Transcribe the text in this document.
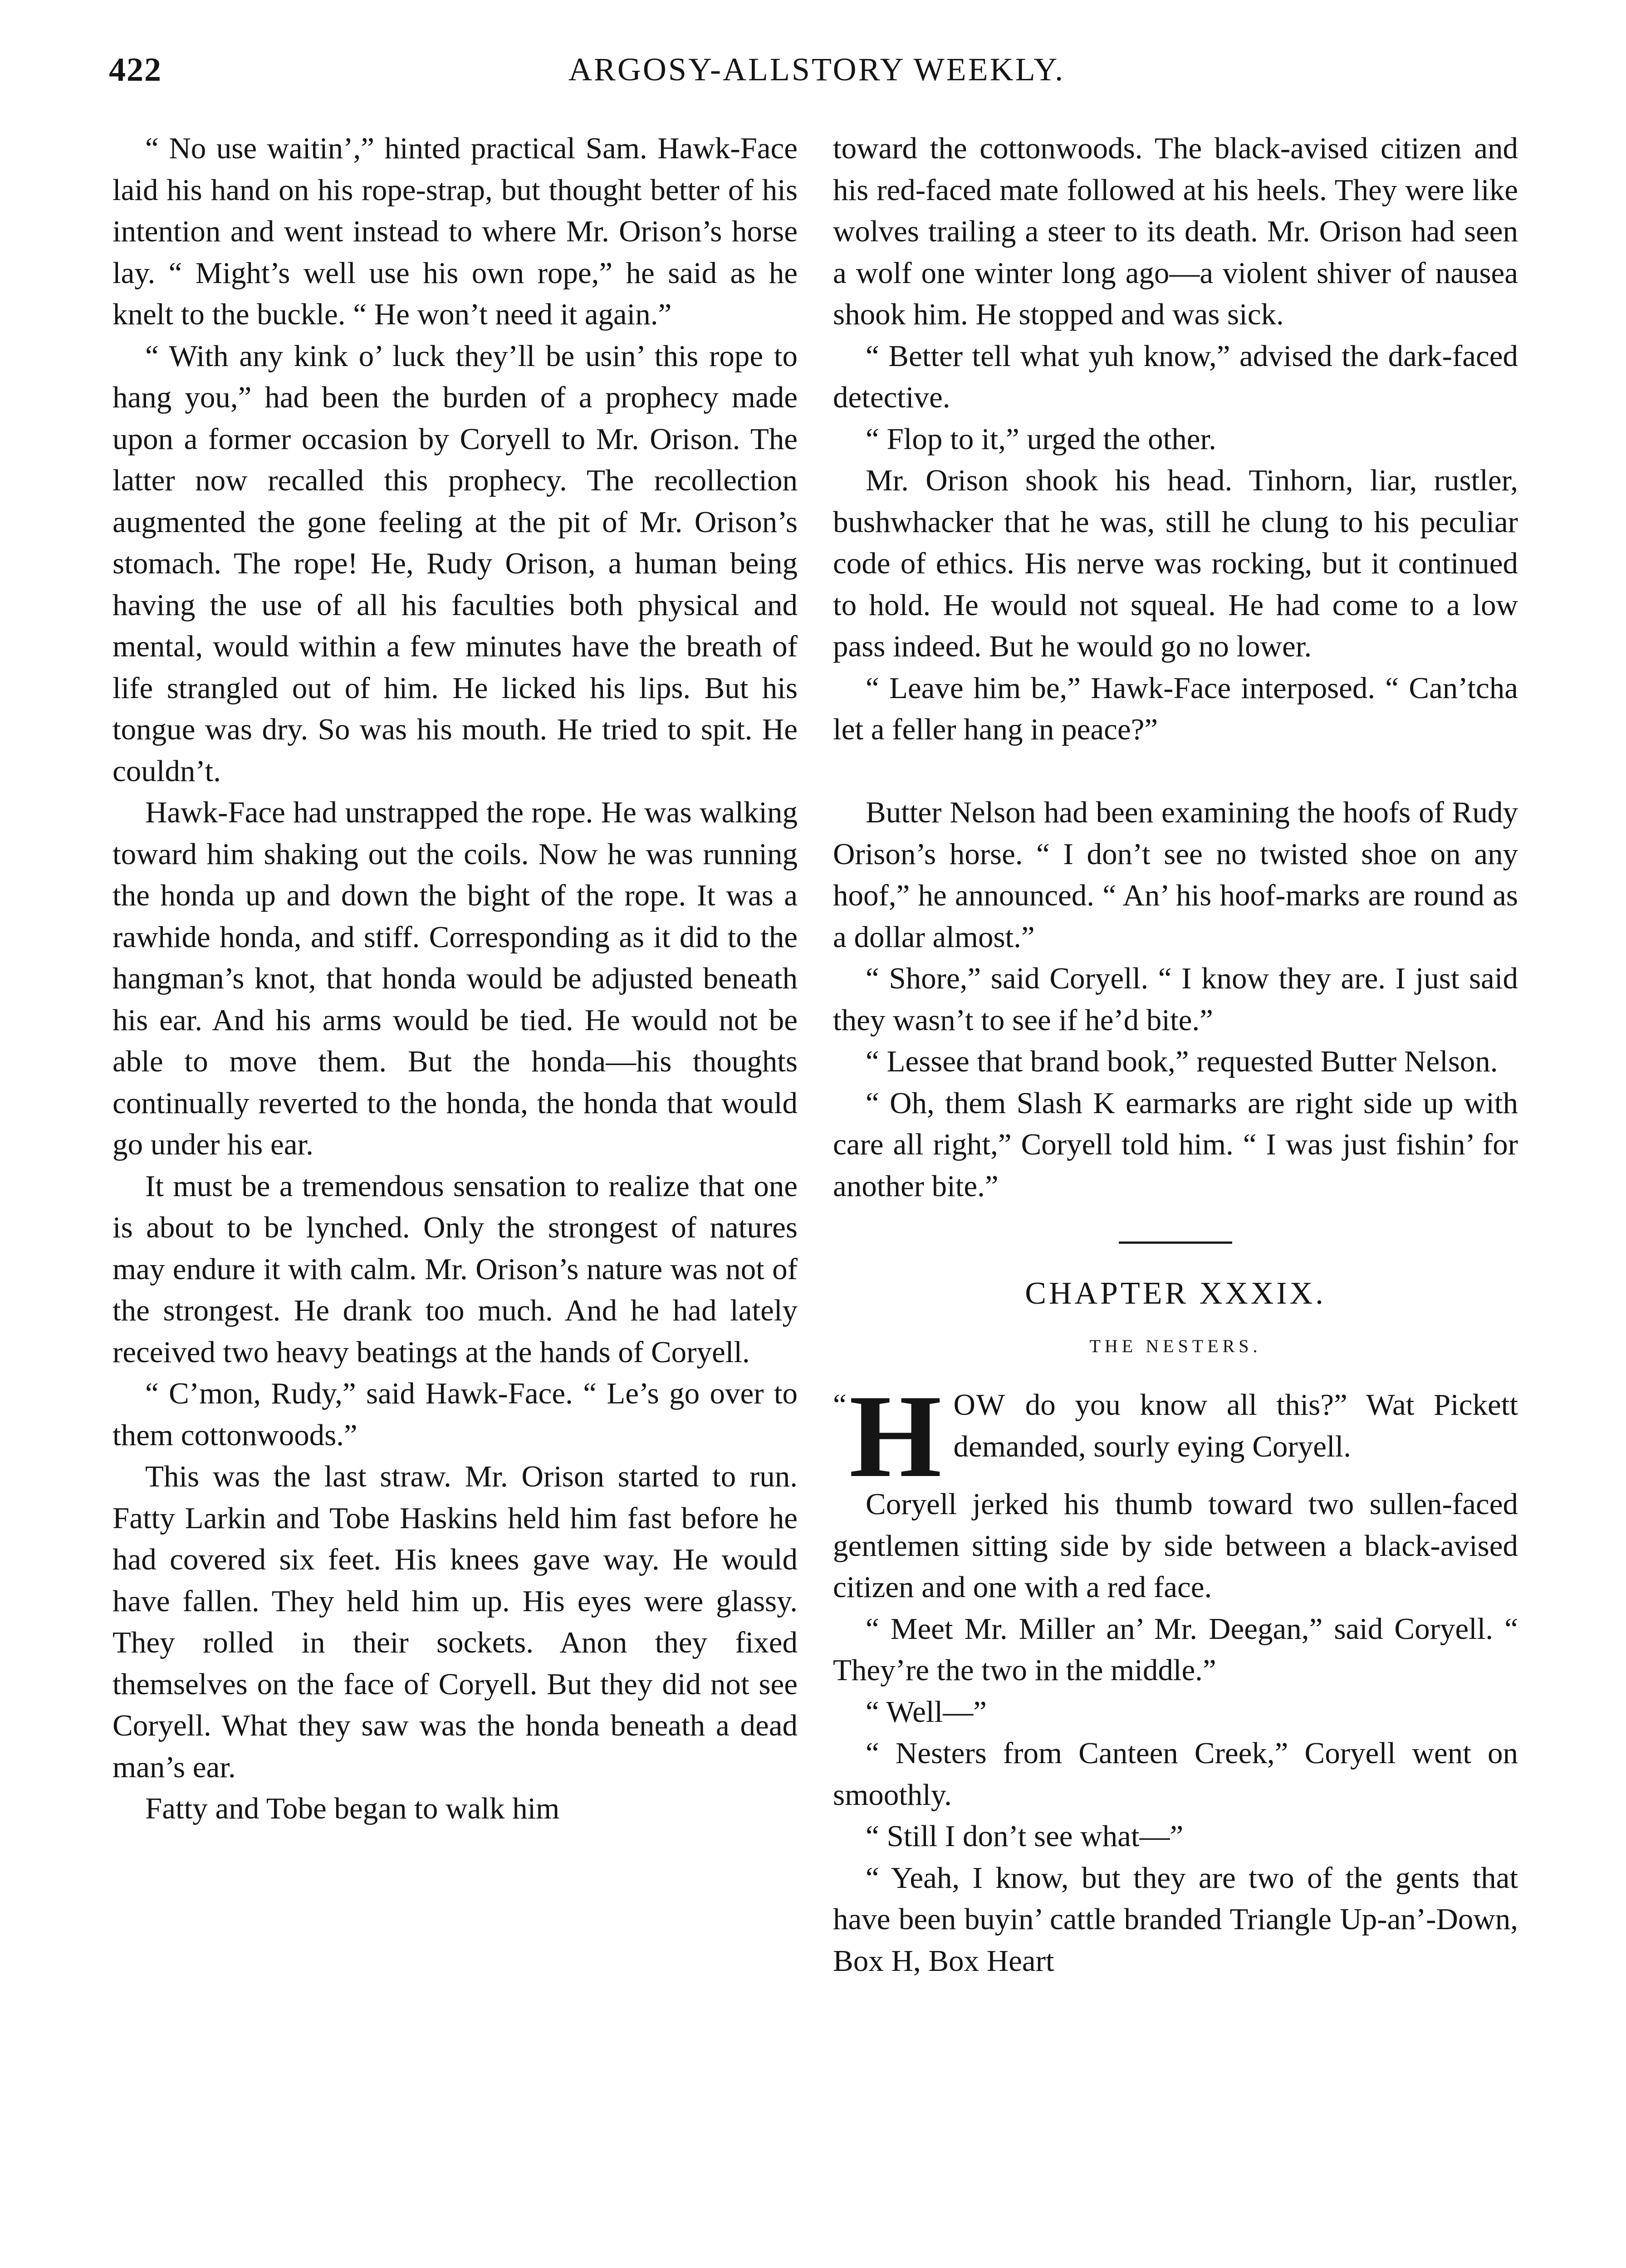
422	ARGOSY-ALLSTORY WEEKLY.

“ No use waitin’,” hinted practical Sam. Hawk-Face laid his hand on his rope-strap, but thought better of his intention and went instead to where Mr. Orison’s horse lay. “ Might’s well use his own rope,” he said as he knelt to the buckle. “ He won’t need it again.”

“ With any kink o’ luck they’ll be usin’ this rope to hang you,” had been the burden of a prophecy made upon a former occasion by Coryell to Mr. Orison. The latter now recalled this prophecy. The recollection augmented the gone feeling at the pit of Mr. Orison’s stomach. The rope! He, Rudy Orison, a human being having the use of all his faculties both physical and mental, would within a few minutes have the breath of life strangled out of him. He licked his lips. But his tongue was dry. So was his mouth. He tried to spit. He couldn’t.

Hawk-Face had unstrapped the rope. He was walking toward him shaking out the coils. Now he was running the honda up and down the bight of the rope. It was a rawhide honda, and stiff. Corresponding as it did to the hangman’s knot, that honda would be adjusted beneath his ear. And his arms would be tied. He would not be able to move them. But the honda—his thoughts continually reverted to the honda, the honda that would go under his ear.

It must be a tremendous sensation to realize that one is about to be lynched. Only the strongest of natures may endure it with calm. Mr. Orison’s nature was not of the strongest. He drank too much. And he had lately received two heavy beatings at the hands of Coryell.

“ C’mon, Rudy,” said Hawk-Face. “ Le’s go over to them cottonwoods.”

This was the last straw. Mr. Orison started to run. Fatty Larkin and Tobe Haskins held him fast before he had covered six feet. His knees gave way. He would have fallen. They held him up. His eyes were glassy. They rolled in their sockets. Anon they fixed themselves on the face of Coryell. But they did not see Coryell. What they saw was the honda beneath a dead man’s ear.

Fatty and Tobe began to walk him

toward the cottonwoods. The black-avised citizen and his red-faced mate followed at his heels. They were like wolves trailing a steer to its death. Mr. Orison had seen a wolf one winter long ago—a violent shiver of nausea shook him. He stopped and was sick.

“ Better tell what yuh know,” advised the dark-faced detective.

“ Flop to it,” urged the other.

Mr. Orison shook his head. Tinhorn, liar, rustler, bushwhacker that he was, still he clung to his peculiar code of ethics. His nerve was rocking, but it continued to hold. He would not squeal. He had come to a low pass indeed. But he would go no lower.

“ Leave him be,” Hawk-Face interposed. “ Can’tcha let a feller hang in peace?”

Butter Nelson had been examining the hoofs of Rudy Orison’s horse. “ I don’t see no twisted shoe on any hoof,” he announced. “ An’ his hoof-marks are round as a dollar almost.”

“ Shore,” said Coryell. “ I know they are. I just said they wasn’t to see if he’d bite.”

“ Lessee that brand book,” requested Butter Nelson.

“ Oh, them Slash K earmarks are right side up with care all right,” Coryell told him. “ I was just fishin’ for another bite.”

CHAPTER XXXIX.
THE NESTERS.

“ H OW do you know all this?” Wat Pickett demanded, sourly eying Coryell.

Coryell jerked his thumb toward two sullen-faced gentlemen sitting side by side between a black-avised citizen and one with a red face.

“ Meet Mr. Miller an’ Mr. Deegan,” said Coryell. “ They’re the two in the middle.”

“ Well—”

“ Nesters from Canteen Creek,” Coryell went on smoothly.

“ Still I don’t see what—”

“ Yeah, I know, but they are two of the gents that have been buyin’ cattle branded Triangle Up-an’-Down, Box H, Box Heart
